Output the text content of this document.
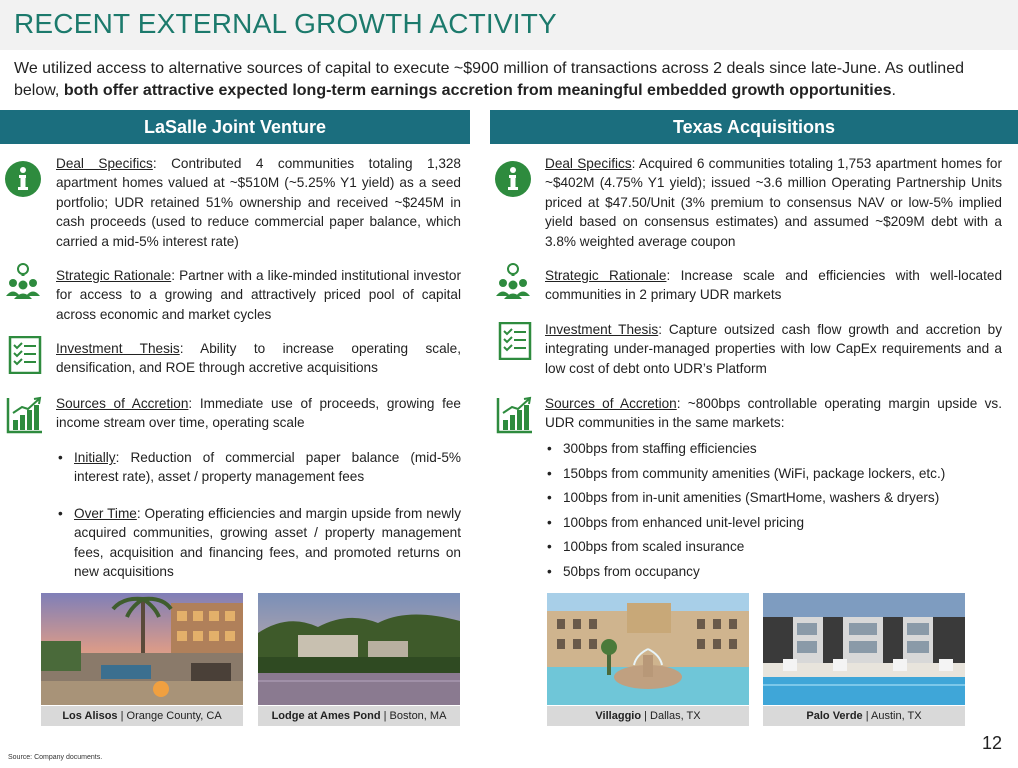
RECENT EXTERNAL GROWTH ACTIVITY
We utilized access to alternative sources of capital to execute ~$900 million of transactions across 2 deals since late-June. As outlined below, both offer attractive expected long-term earnings accretion from meaningful embedded growth opportunities.
LaSalle Joint Venture	Texas Acquisitions
Deal Specifics: Contributed 4 communities totaling 1,328 apartment homes valued at ~$510M (~5.25% Y1 yield) as a seed portfolio; UDR retained 51% ownership and received ~$245M in cash proceeds (used to reduce commercial paper balance, which carried a mid-5% interest rate)
Strategic Rationale: Partner with a like-minded institutional investor for access to a growing and attractively priced pool of capital across economic and market cycles
Investment Thesis: Ability to increase operating scale, densification, and ROE through accretive acquisitions
Sources of Accretion: Immediate use of proceeds, growing fee income stream over time, operating scale
• Initially: Reduction of commercial paper balance (mid-5% interest rate), asset / property management fees
• Over Time: Operating efficiencies and margin upside from newly acquired communities, growing asset / property management fees, acquisition and financing fees, and promoted returns on new acquisitions
Deal Specifics: Acquired 6 communities totaling 1,753 apartment homes for ~$402M (4.75% Y1 yield); issued ~3.6 million Operating Partnership Units priced at $47.50/Unit (3% premium to consensus NAV or low-5% implied yield based on consensus estimates) and assumed ~$209M debt with a 3.8% weighted average coupon
Strategic Rationale: Increase scale and efficiencies with well-located communities in 2 primary UDR markets
Investment Thesis: Capture outsized cash flow growth and accretion by integrating under-managed properties with low CapEx requirements and a low cost of debt onto UDR’s Platform
Sources of Accretion: ~800bps controllable operating margin upside vs. UDR communities in the same markets:
• 300bps from staffing efficiencies
• 150bps from community amenities (WiFi, package lockers, etc.)
• 100bps from in-unit amenities (SmartHome, washers & dryers)
• 100bps from enhanced unit-level pricing
• 100bps from scaled insurance
• 50bps from occupancy
Los Alisos | Orange County, CA	Lodge at Ames Pond | Boston, MA	Villaggio | Dallas, TX	Palo Verde | Austin, TX
12
Source: Company documents.
